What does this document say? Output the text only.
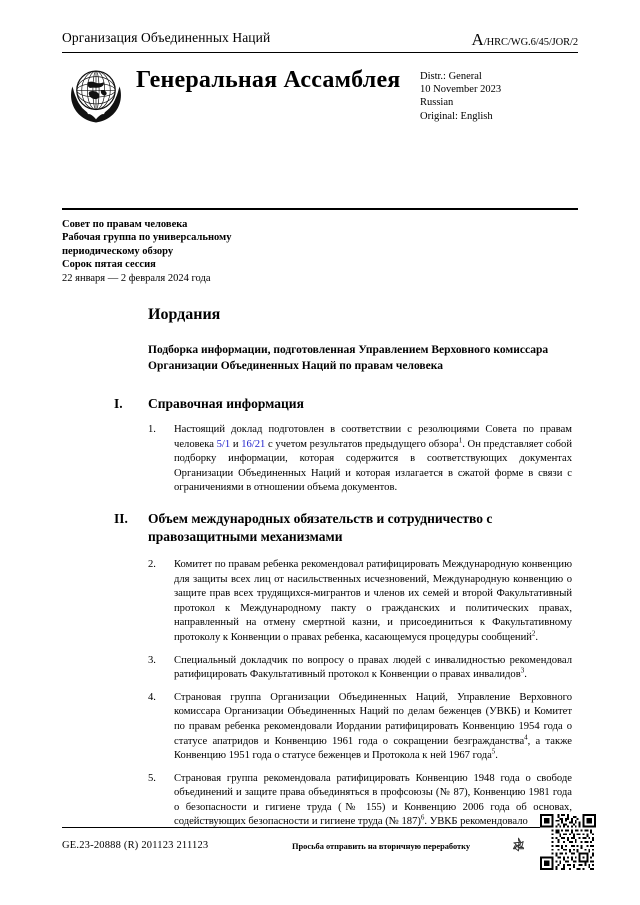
Организация Объединенных Наций	A/HRC/WG.6/45/JOR/2
Генеральная Ассамблея Distr.: General
10 November 2023
Russian
Original: English
Совет по правам человека
Рабочая группа по универсальному
периодическому обзору
Сорок пятая сессия
22 января — 2 февраля 2024 года
Иордания
Подборка информации, подготовленная Управлением Верховного комиссара Организации Объединенных Наций по правам человека
I.	Справочная информация
1.	Настоящий доклад подготовлен в соответствии с резолюциями Совета по правам человека 5/1 и 16/21 с учетом результатов предыдущего обзора$^1$. Он представляет собой подборку информации, которая содержится в соответствующих документах Организации Объединенных Наций и которая излагается в сжатой форме в связи с ограничениями в отношении объема документов.
II.	Объем международных обязательств и сотрудничество с правозащитными механизмами
2.	Комитет по правам ребенка рекомендовал ратифицировать Международную конвенцию для защиты всех лиц от насильственных исчезновений, Международную конвенцию о защите прав всех трудящихся-мигрантов и членов их семей и второй Факультативный протокол к Международному пакту о гражданских и политических правах, направленный на отмену смертной казни, и присоединиться к Факультативному протоколу к Конвенции о правах ребенка, касающемуся процедуры сообщений$^2$.
3.	Специальный докладчик по вопросу о правах людей с инвалидностью рекомендовал ратифицировать Факультативный протокол к Конвенции о правах инвалидов$^3$.
4.	Страновая группа Организации Объединенных Наций, Управление Верховного комиссара Организации Объединенных Наций по делам беженцев (УВКБ) и Комитет по правам ребенка рекомендовали Иордании ратифицировать Конвенцию 1954 года о статусе апатридов и Конвенцию 1961 года о сокращении безгражданства$^4$, а также Конвенцию 1951 года о статусе беженцев и Протокола к ней 1967 года$^5$.
5.	Страновая группа рекомендовала ратифицировать Конвенцию 1948 года о свободе объединений и защите права объединяться в профсоюзы (№ 87), Конвенцию 1981 года о безопасности и гигиене труда (№ 155) и Конвенцию 2006 года об основах, содействующих безопасности и гигиене труда (№ 187)$^6$. УВКБ рекомендовало
GE.23-20888 (R) 201123 211123	Просьба отправить на вторичную переработку
